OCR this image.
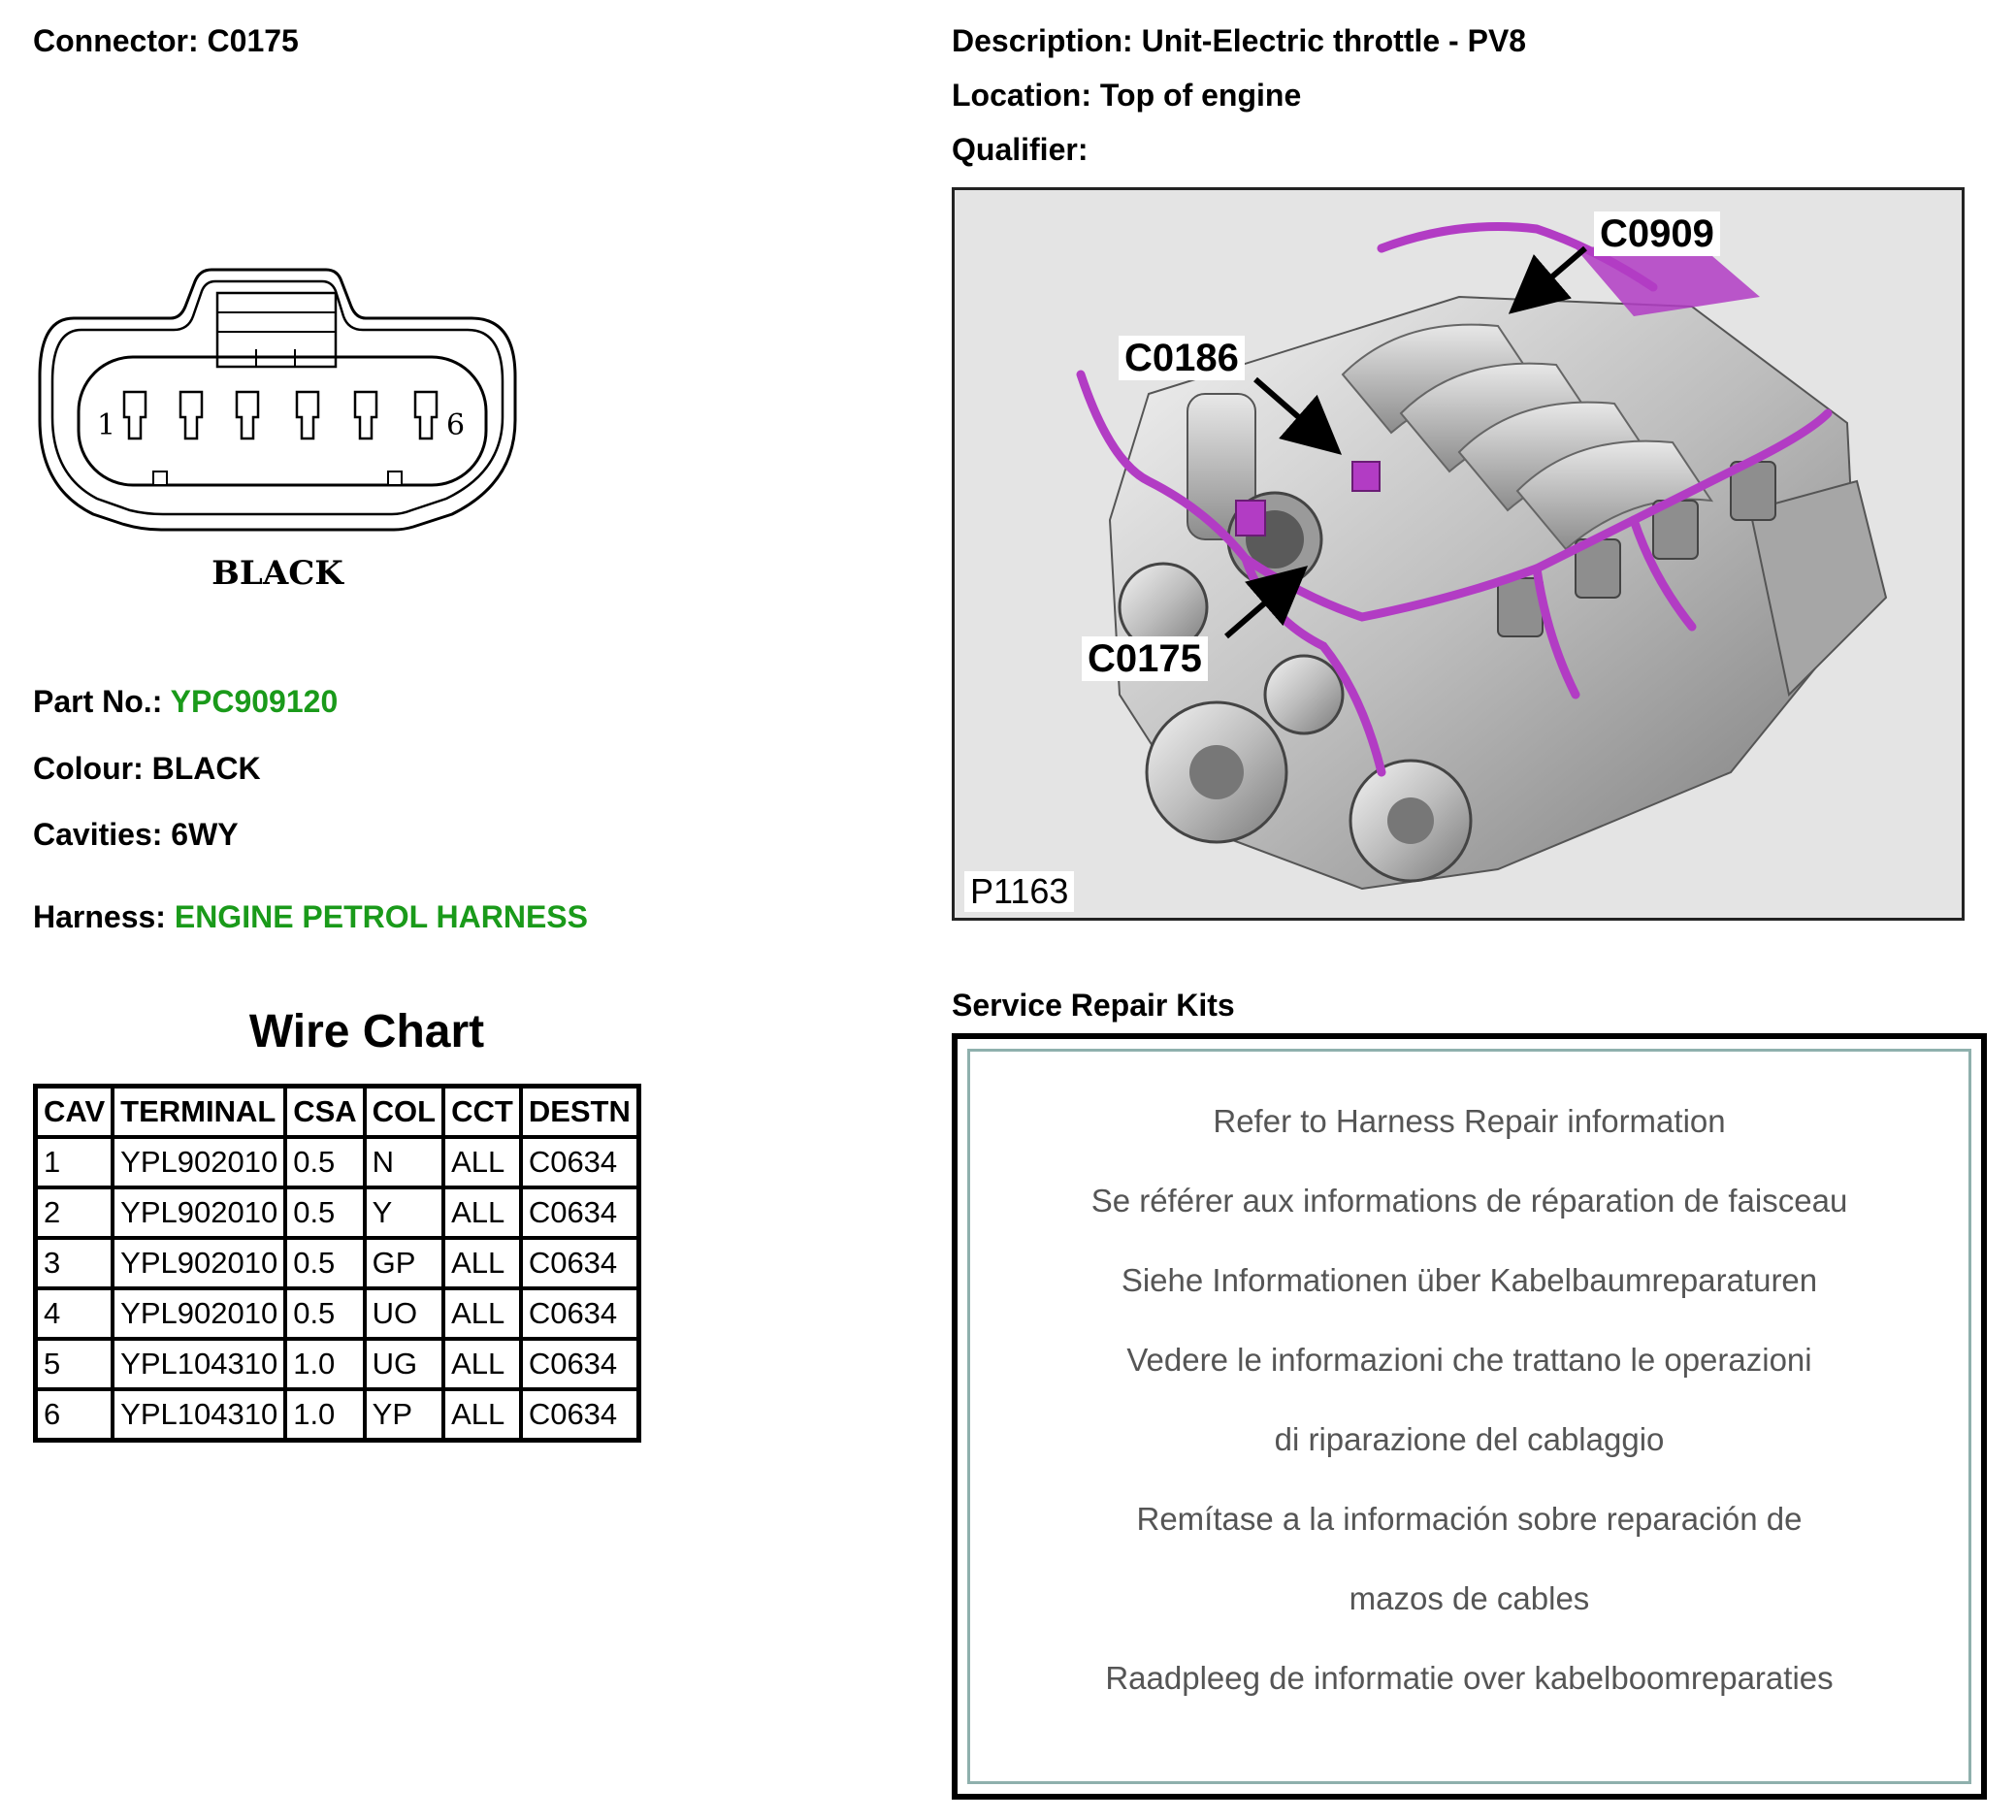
Connector: C0175
1	6
BLACK
Part No.: YPC909120
Colour: BLACK
Cavities: 6WY
Harness: ENGINE PETROL HARNESS
Wire Chart
CAV	TERMINAL	CSA	COL	CCT	DESTN
1	YPL902010	0.5	N	ALL	C0634
2	YPL902010	0.5	Y	ALL	C0634
3	YPL902010	0.5	GP	ALL	C0634
4	YPL902010	0.5	UO	ALL	C0634
5	YPL104310	1.0	UG	ALL	C0634
6	YPL104310	1.0	YP	ALL	C0634
Description: Unit-Electric throttle - PV8
Location: Top of engine
Qualifier:
C0909
C0186
C0175
P1163
Service Repair Kits
Refer to Harness Repair information
Se référer aux informations de réparation de faisceau
Siehe Informationen über Kabelbaumreparaturen
Vedere le informazioni che trattano le operazioni
di riparazione del cablaggio
Remítase a la información sobre reparación de
mazos de cables
Raadpleeg de informatie over kabelboomreparaties
